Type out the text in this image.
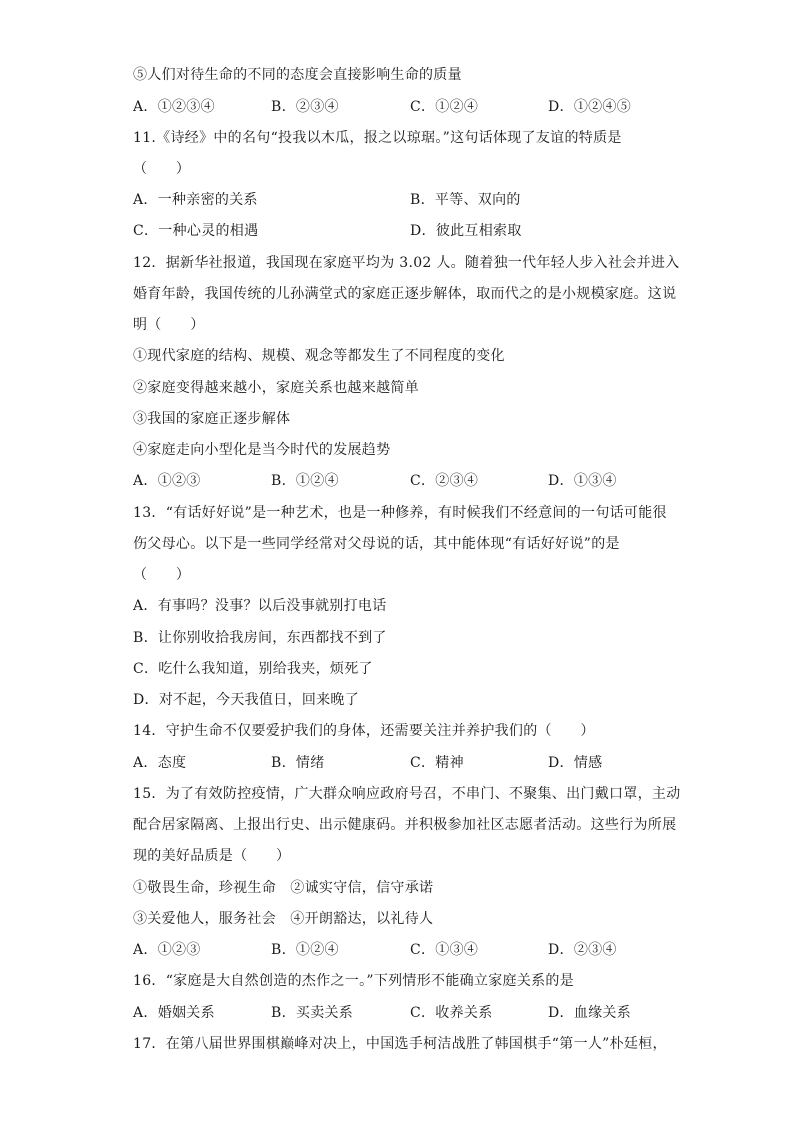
⑤人们对待生命的不同的态度会直接影响生命的质量
A．①②③④	B．②③④	C．①②④	D．①②④⑤
11.《诗经》中的名句“投我以木瓜，报之以琼琚。”这句话体现了友谊的特质是
（　　）
A．一种亲密的关系	B．平等、双向的
C．一种心灵的相遇	D．彼此互相索取
12．据新华社报道，我国现在家庭平均为 3.02 人。随着独一代年轻人步入社会并进入
婚育年龄，我国传统的儿孙满堂式的家庭正逐步解体，取而代之的是小规模家庭。这说
明（　　）
①现代家庭的结构、规模、观念等都发生了不同程度的变化
②家庭变得越来越小，家庭关系也越来越简单
③我国的家庭正逐步解体
④家庭走向小型化是当今时代的发展趋势
A．①②③	B．①②④	C．②③④	D．①③④
13．“有话好好说”是一种艺术，也是一种修养，有时候我们不经意间的一句话可能很
伤父母心。以下是一些同学经常对父母说的话，其中能体现“有话好好说”的是
（　　）
A．有事吗？没事？以后没事就别打电话
B．让你别收拾我房间，东西都找不到了
C．吃什么我知道，别给我夹，烦死了
D．对不起，今天我值日，回来晚了
14．守护生命不仅要爱护我们的身体，还需要关注并养护我们的（　　）
A．态度	B．情绪	C．精神	D．情感
15．为了有效防控疫情，广大群众响应政府号召，不串门、不聚集、出门戴口罩，主动
配合居家隔离、上报出行史、出示健康码。并积极参加社区志愿者活动。这些行为所展
现的美好品质是（　　）
①敬畏生命，珍视生命　②诚实守信，信守承诺
③关爱他人，服务社会　④开朗豁达，以礼待人
A．①②③	B．①②④	C．①③④	D．②③④
16．“家庭是大自然创造的杰作之一。”下列情形不能确立家庭关系的是
A．婚姻关系	B．买卖关系	C．收养关系	D．血缘关系
17．在第八届世界围棋巅峰对决上，中国选手柯洁战胜了韩国棋手“第一人”朴廷桓，
